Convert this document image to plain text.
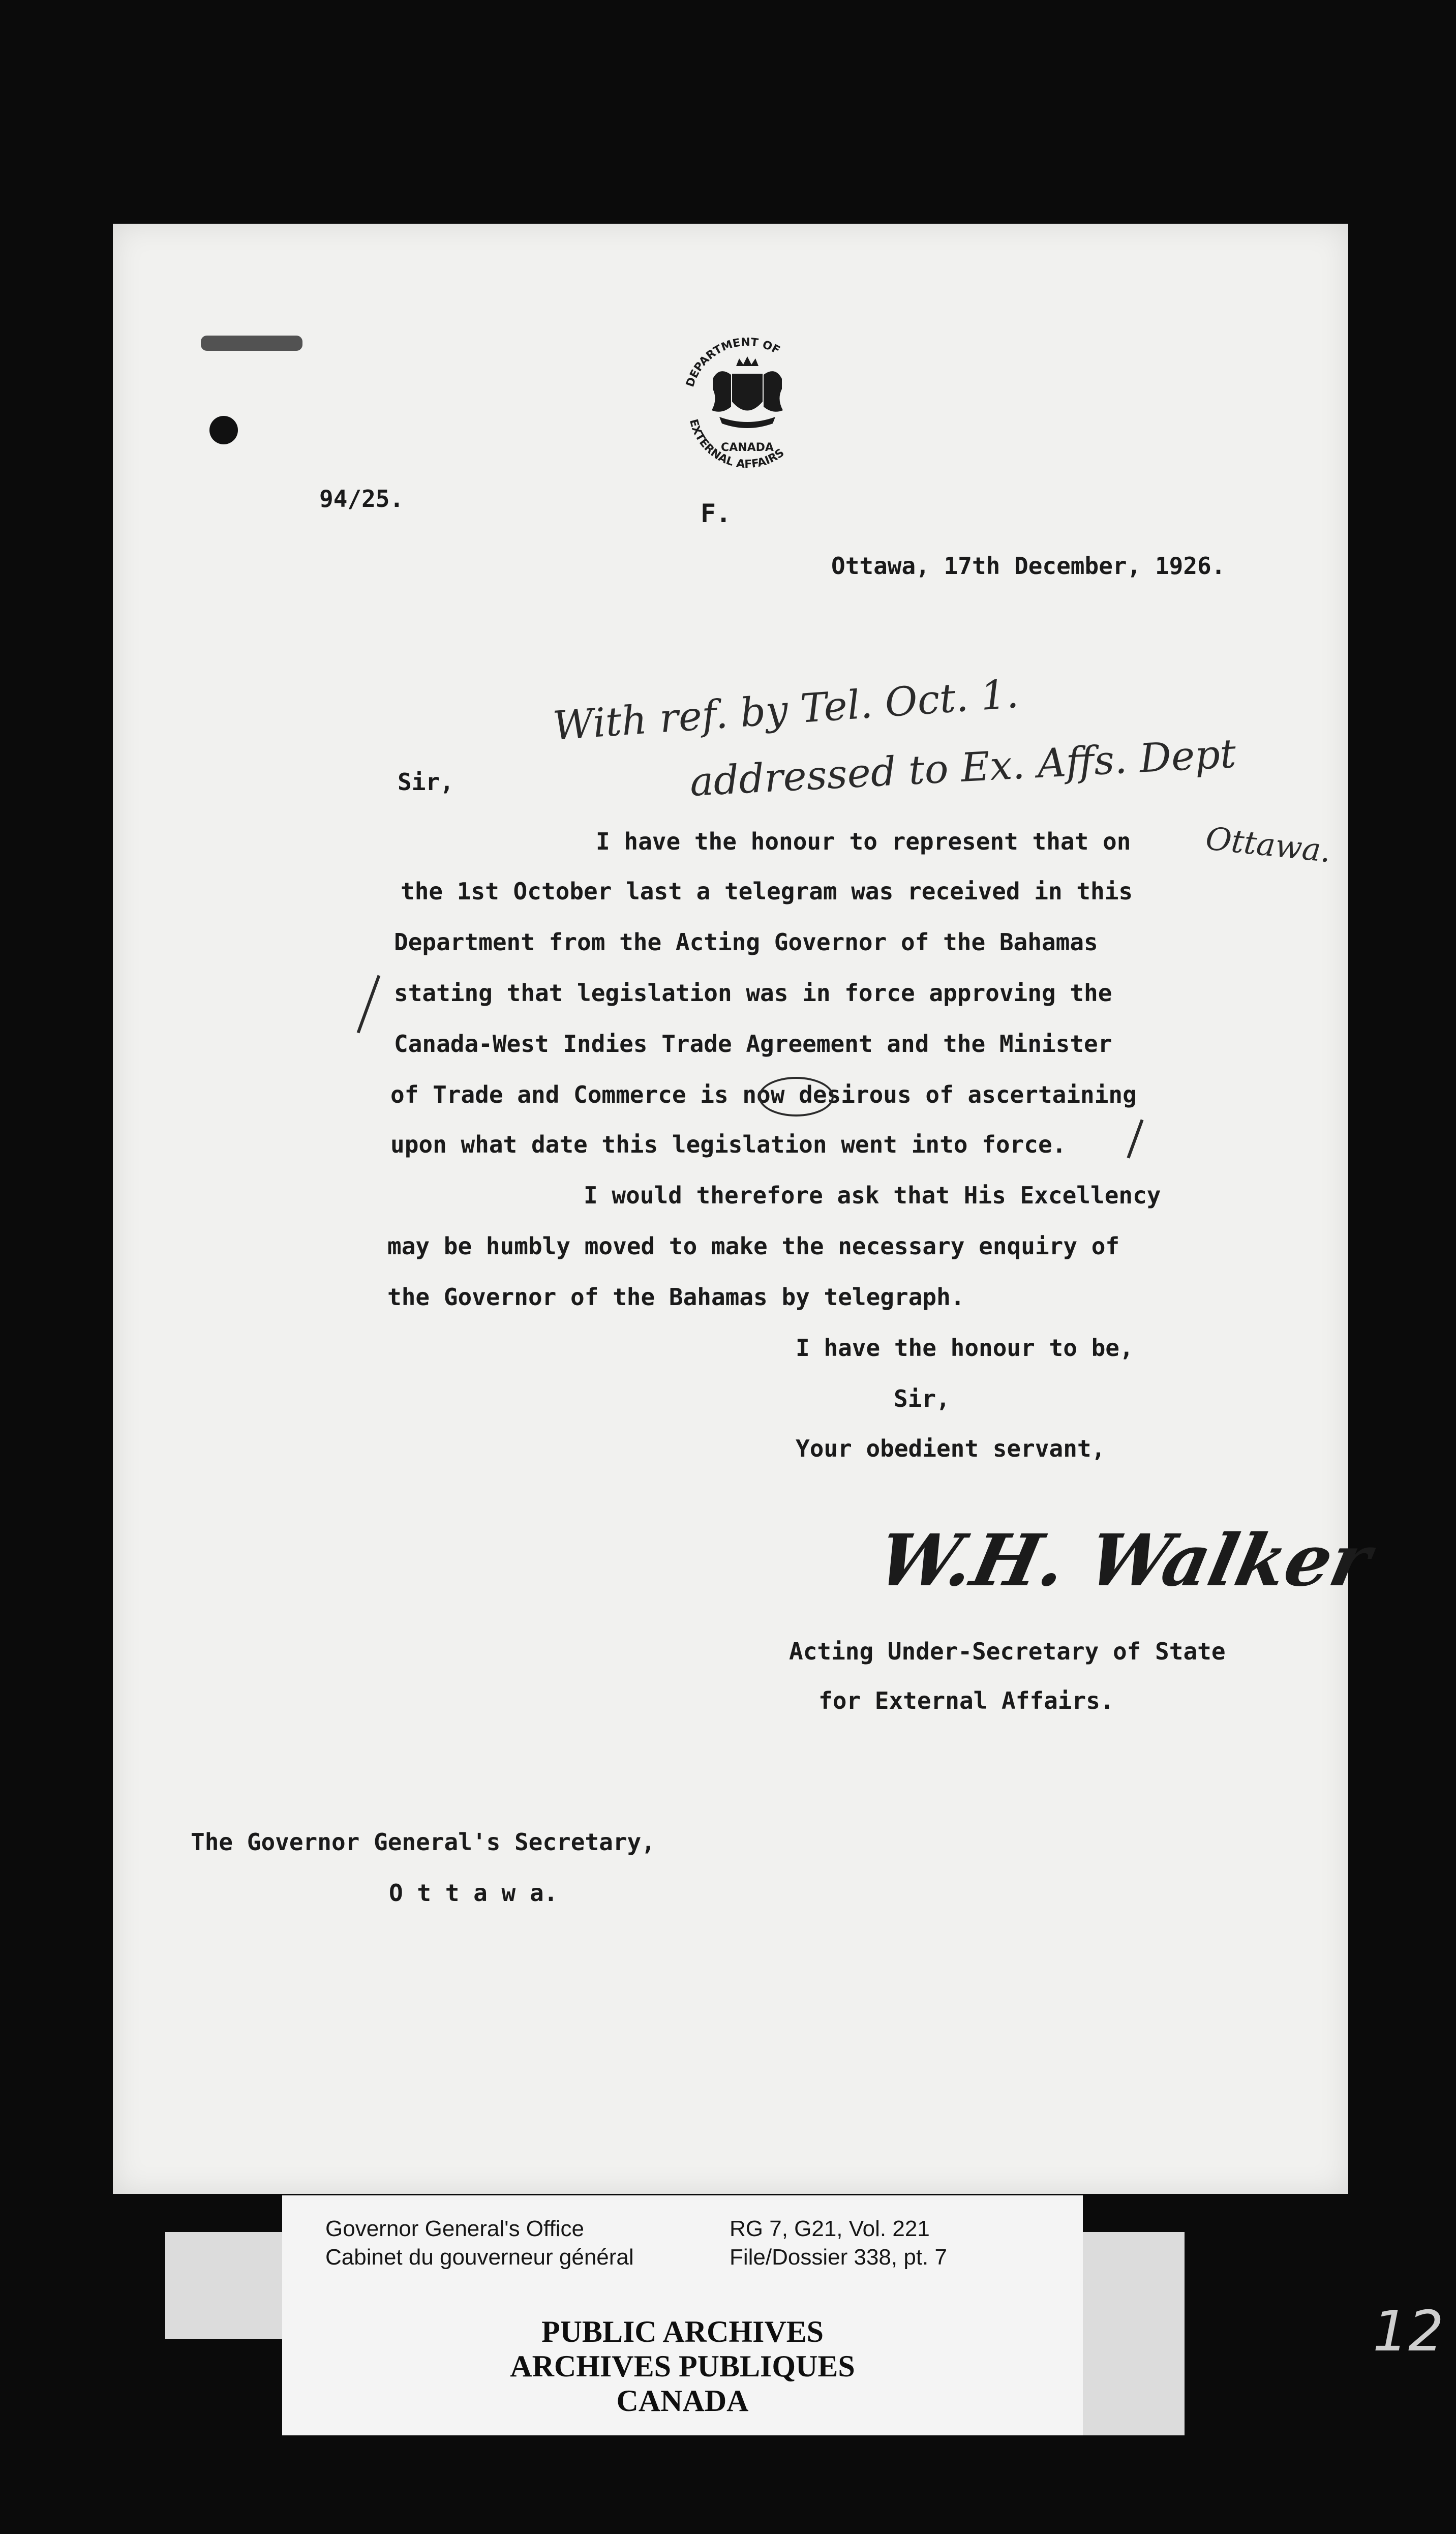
DEPARTMENT OF
EXTERNAL AFFAIRS
CANADA
F.
94/25.
Ottawa, 17th December, 1926.
With ref. by Tel. Oct. 1.
addressed to Ex. Affs. Dept
Ottawa.
Sir,
I have the honour to represent that on
the 1st October last a telegram was received in this
Department from the Acting Governor of the Bahamas
stating that legislation was in force approving the
Canada-West Indies Trade Agreement and the Minister
of Trade and Commerce is now desirous of ascertaining
upon what date this legislation went into force.
I would therefore ask that His Excellency
may be humbly moved to make the necessary enquiry of
the Governor of the Bahamas by telegraph.
I have the honour to be,
Sir,
Your obedient servant,
W.H. Walker
Acting Under-Secretary of State
for External Affairs.
The Governor General's Secretary,
O t t a w a.
Governor General's Office
Cabinet du gouverneur général
RG 7, G21, Vol. 221
File/Dossier 338, pt. 7
PUBLIC ARCHIVES
ARCHIVES PUBLIQUES
CANADA
12
